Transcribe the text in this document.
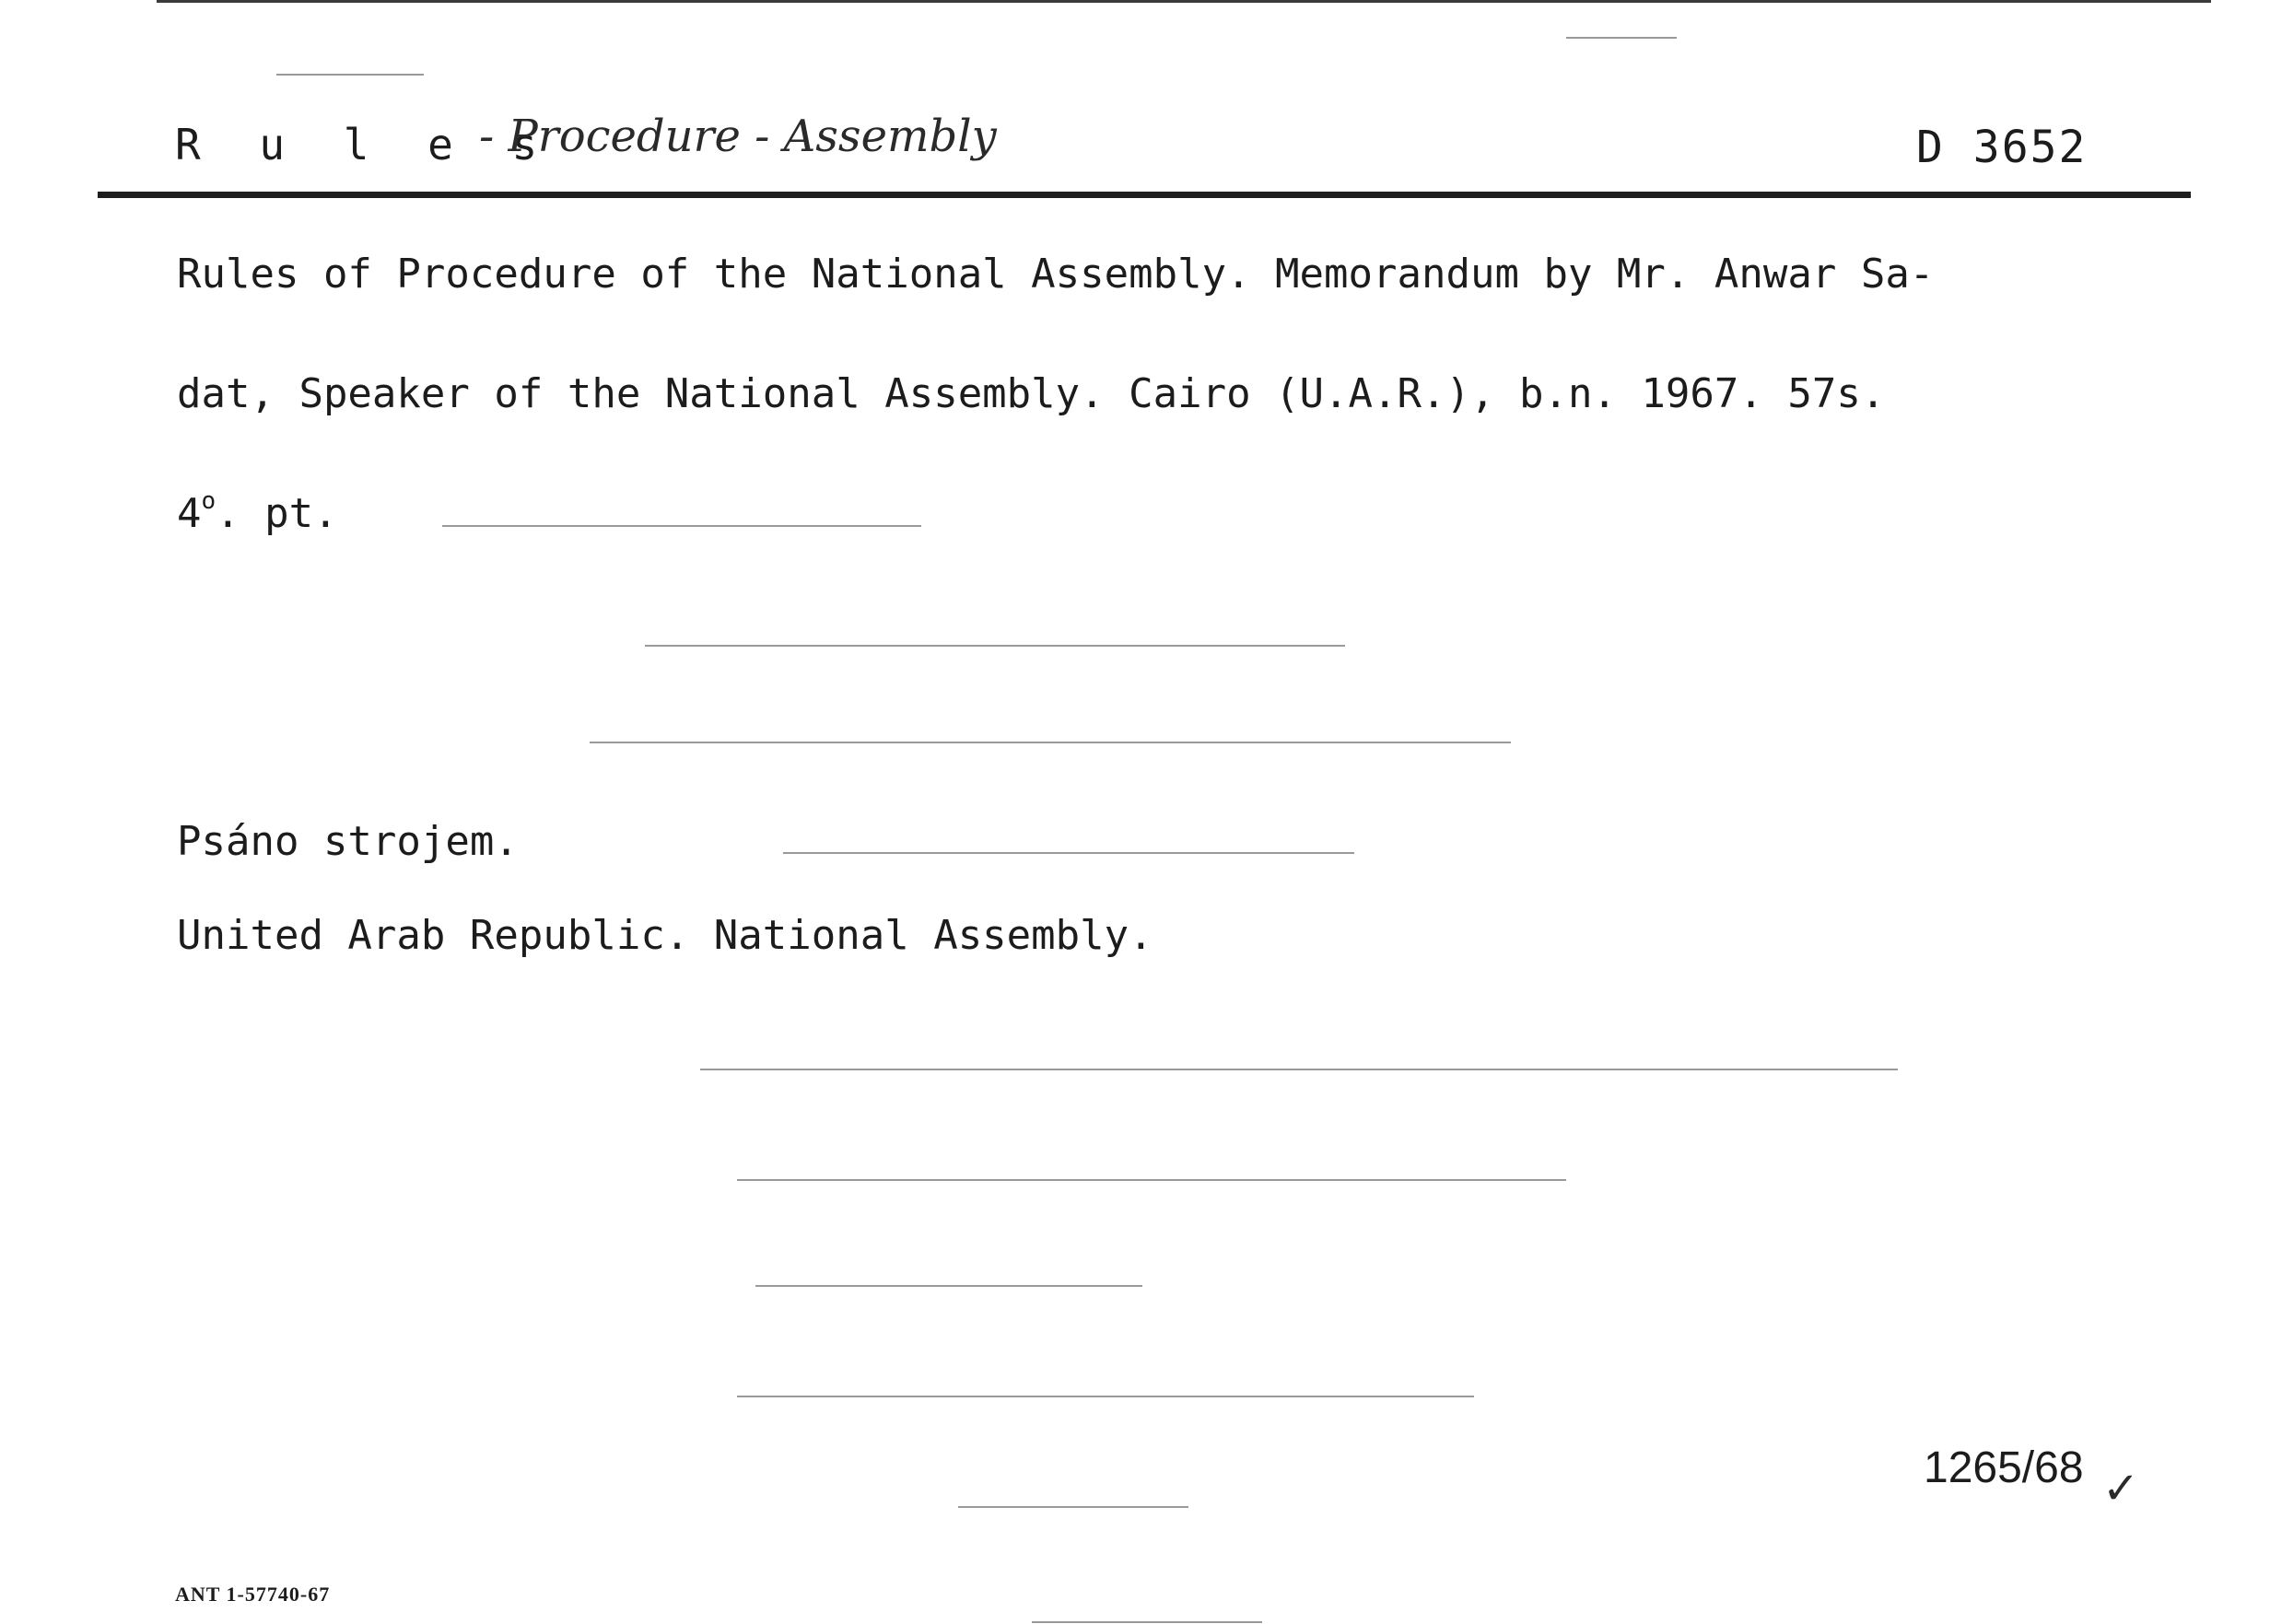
R u l e s
- Procedure - Assembly	D 3652
Rules of Procedure of the National Assembly. Memorandum by Mr. Anwar Sa-
dat, Speaker of the National Assembly. Cairo (U.A.R.), b.n. 1967. 57s.
4$^o$. pt.
Psáno strojem.
United Arab Republic. National Assembly.
1265/68 ✓
ANT 1-57740-67
